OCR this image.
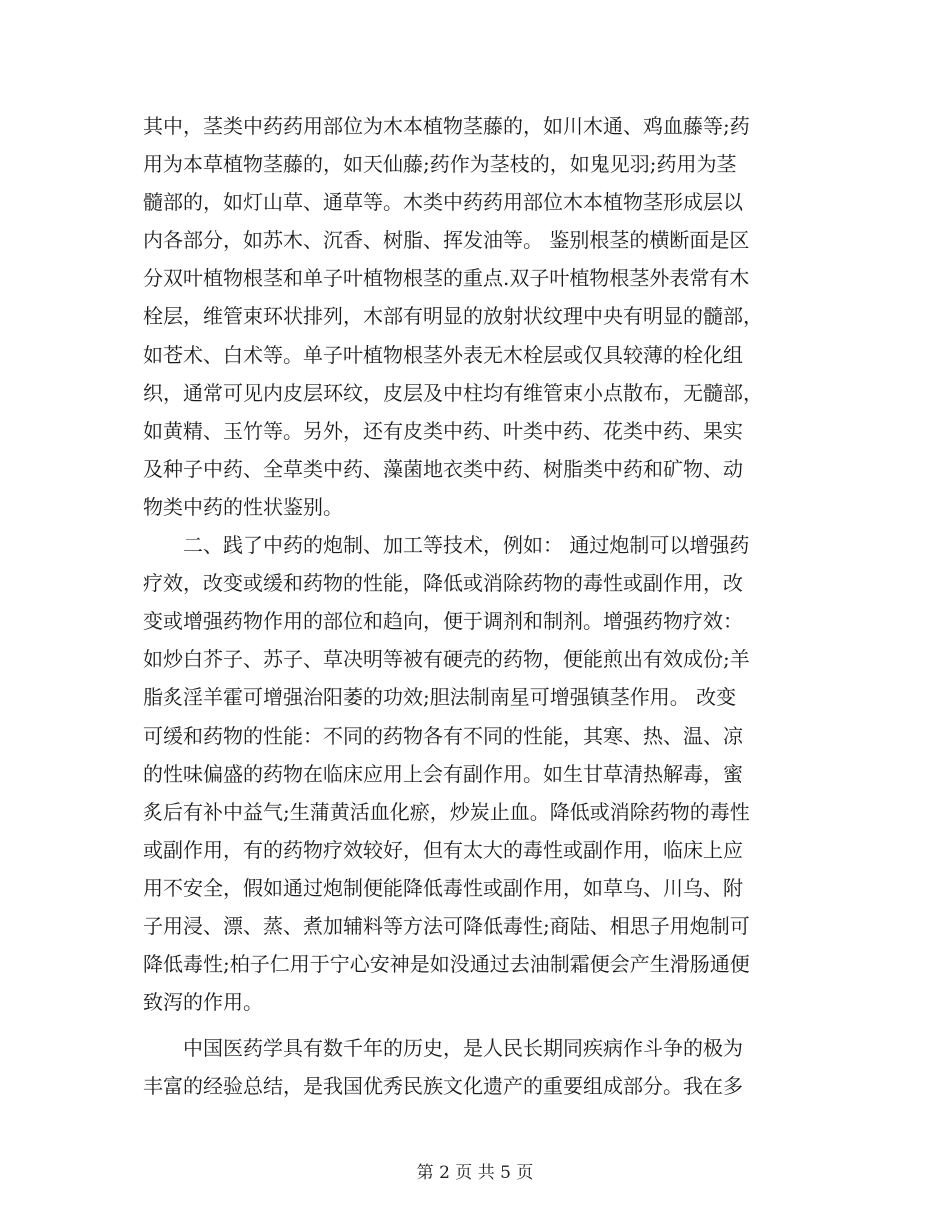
其中，茎类中药药用部位为木本植物茎藤的，如川木通、鸡血藤等;药
用为本草植物茎藤的，如天仙藤;药作为茎枝的，如鬼见羽;药用为茎
髓部的，如灯山草、通草等。木类中药药用部位木本植物茎形成层以
内各部分，如苏木、沉香、树脂、挥发油等。 鉴别根茎的横断面是区
分双叶植物根茎和单子叶植物根茎的重点.双子叶植物根茎外表常有木
栓层，维管束环状排列，木部有明显的放射状纹理中央有明显的髓部，
如苍术、白术等。单子叶植物根茎外表无木栓层或仅具较薄的栓化组
织，通常可见内皮层环纹，皮层及中柱均有维管束小点散布，无髓部，
如黄精、玉竹等。另外，还有皮类中药、叶类中药、花类中药、果实
及种子中药、全草类中药、藻菌地衣类中药、树脂类中药和矿物、动
物类中药的性状鉴别。
　　二、践了中药的炮制、加工等技术，例如： 通过炮制可以增强药
疗效，改变或缓和药物的性能，降低或消除药物的毒性或副作用，改
变或增强药物作用的部位和趋向，便于调剂和制剂。增强药物疗效：
如炒白芥子、苏子、草决明等被有硬壳的药物，便能煎出有效成份;羊
脂炙淫羊霍可增强治阳萎的功效;胆法制南星可增强镇茎作用。 改变
可缓和药物的性能：不同的药物各有不同的性能，其寒、热、温、凉
的性味偏盛的药物在临床应用上会有副作用。如生甘草清热解毒，蜜
炙后有补中益气;生蒲黄活血化瘀，炒炭止血。降低或消除药物的毒性
或副作用，有的药物疗效较好，但有太大的毒性或副作用，临床上应
用不安全，假如通过炮制便能降低毒性或副作用，如草乌、川乌、附
子用浸、漂、蒸、煮加辅料等方法可降低毒性;商陆、相思子用炮制可
降低毒性;柏子仁用于宁心安神是如没通过去油制霜便会产生滑肠通便
致泻的作用。
　　中国医药学具有数千年的历史，是人民长期同疾病作斗争的极为
丰富的经验总结，是我国优秀民族文化遗产的重要组成部分。我在多
第 2 页 共 5 页
